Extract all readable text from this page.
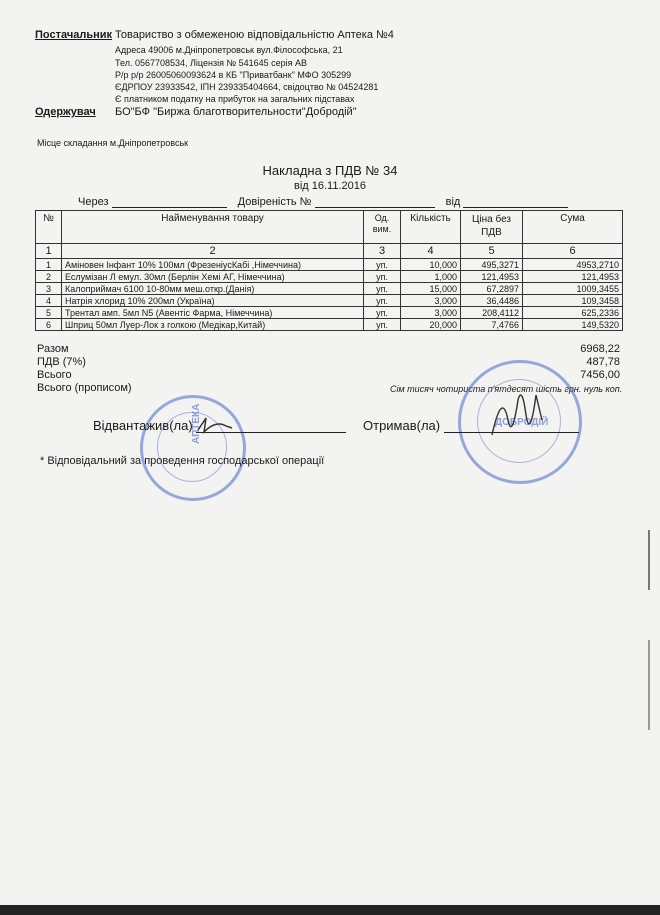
Постачальник Товариство з обмеженою відповідальністю Аптека №4
Адреса 49006 м.Дніпропетровськ вул.Філософська, 21
Тел. 0567708534, Ліцензія № 541645 серія АВ
Р/р р/р 26005060093624 в КБ "Приватбанк" МФО 305299
ЄДРПОУ 23933542, ІПН 239335404664, свідоцтво № 04524281
Є платником податку на прибуток на загальних підставах
Одержувач БО"БФ "Биржа благотворительности"Добродій"
Місце складання м.Дніпропетровськ
Накладна з ПДВ № 34
від 16.11.2016
Через	Довіреність №	від
№	Найменування товару	Од. вим.	Кількість	Ціна без ПДВ	Сума
1	2	3	4	5	6
1	Аміновен Інфант 10% 100мл (ФрезеніусКабі ,Німеччина)	уп.	10,000	495,3271	4953,2710
2	Еслумізан Л емул. 30мл (Берлін Хемі АГ, Німеччина)	уп.	1,000	121,4953	121,4953
3	Калоприймач 6100 10-80мм меш.откр.(Данія)	уп.	15,000	67,2897	1009,3455
4	Натрія хлорид 10% 200мл (Україна)	уп.	3,000	36,4486	109,3458
5	Трентал амп. 5мл N5 (Авентіс Фарма, Німеччина)	уп.	3,000	208,4112	625,2336
6	Шприц 50мл Луер-Лок з голкою (Медікар,Китай)	уп.	20,000	7,4766	149,5320
Разом	6968,22
ПДВ (7%)	487,78
Всього	7456,00
Всього (прописом)	Сім тисяч чотириста п'ятдесят шість грн. нуль коп.
АПТЕКА	ДОБРОДІЙ
Відвантажив(ла)	Отримав(ла)
* Відповідальний за проведення господарської операції
